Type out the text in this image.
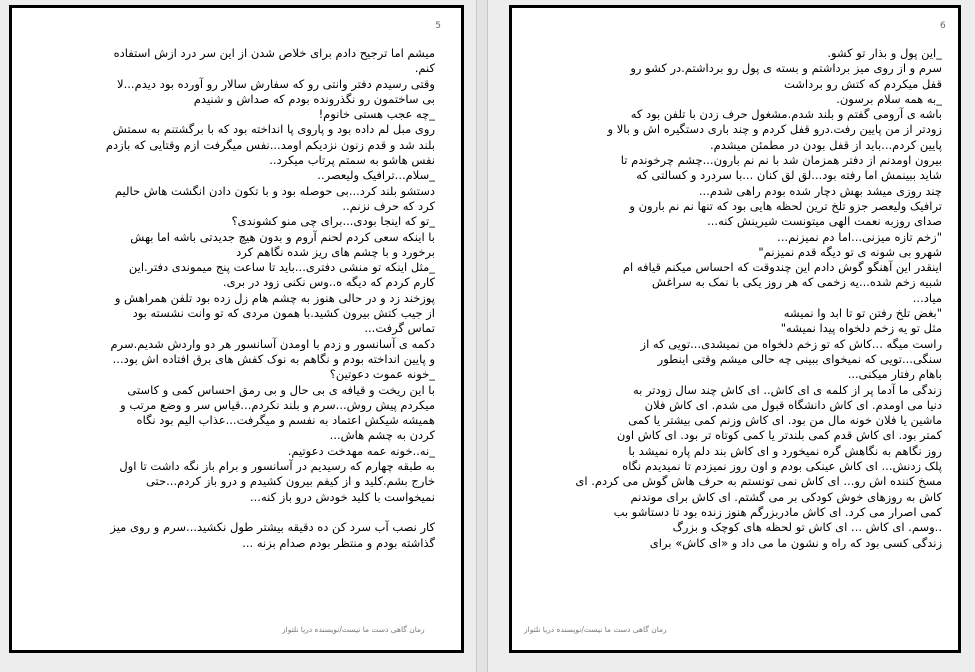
5
میشم اما ترجیح دادم برای خلاص شدن از این سر درد ازش استفاده
کنم.
وقتی رسیدم دفتر وانتی رو که سفارش سالار رو آورده بود دیدم...لا
بی ساختمون رو نگذرونده بودم که صداش و شنیدم
_چه عجب هستی خانوم!
روی مبل لم داده بود و پاروی پا انداخته بود که با برگشتنم به سمتش
بلند شد و قدم زنون نزدیکم اومد...نفس میگرفت ازم وقتایی که بازدم
نفس هاشو به سمتم پرتاب میکرد..
_سلام...ترافیک ولیعصر..
دستشو بلند کرد...بی حوصله بود و با تکون دادن انگشت هاش حالیم
کرد که حرف نزنم..
_تو که اینجا بودی...برای چی منو کشوندی؟
با اینکه سعی کردم لحنم آروم و بدون هیچ جدیدتی باشه اما بهش
برخورد و با چشم های ریز شده نگاهم کرد
_مثل اینکه تو منشی دفتری...باید تا ساعت پنج میموندی دفتر.این
کارم کردم که دیگه ه..وس نکنی زود در بری.
پوزخند زد و در حالی هنوز به چشم هام زل زده بود تلفن همراهش و
از جیب کتش بیرون کشید.با همون مردی که تو وانت نشسته بود
تماس گرفت...
دکمه ی آسانسور و زدم با اومدن آسانسور هر دو واردش شدیم.سرم
و پایین انداخته بودم و نگاهم به نوک کفش های برق افتاده اش بود...
_خونه عموت دعوتین؟
با این ریخت و قیافه ی بی حال و بی رمق احساس کمی و کاستی
میکردم پیش روش...سرم و بلند نکردم...قیاس سر و وضع مرتب و
همیشه شیکش اعتماد به نفسم و میگرفت...عذاب الیم بود نگاه
کردن به چشم هاش...
_نه..خونه عمه مهدخت دعوتیم.
به طبقه چهارم که رسیدیم در آسانسور و برام باز نگه داشت تا اول
خارج بشم.کلید و از کیفم بیرون کشیدم و درو باز کردم...حتی
نمیخواست با کلید خودش درو باز کنه...
کار نصب آب سرد کن ده دقیقه بیشتر طول نکشید...سرم و روی میز
گذاشته بودم و منتظر بودم صدام بزنه ...
رمان گاهی دست ما نیست/نویسنده دریا نلتواز
6
_این پول و بذار تو کشو.
سرم و از روی میز برداشتم و بسته ی پول رو برداشتم.در کشو رو
قفل میکردم که کتش رو برداشت
_به همه سلام برسون.
باشه ی آرومی گفتم و بلند شدم.مشغول حرف زدن با تلفن بود که
زودتر از من پایین رفت.درو قفل کردم و چند باری دستگیره اش و بالا و
پایین کردم...باید از قفل بودن در مطمئن میشدم.
بیرون اومدنم از دفتر همزمان شد با نم نم بارون...چشم چرخوندم تا
شاید ببینمش اما رفته بود...لق لق کنان ...با سردرد و کسالتی که
چند روزی میشد بهش دچار شده بودم راهی شدم...
ترافیک ولیعصر جزو تلخ ترین لحظه هایی بود که تنها نم نم بارون و
صدای روزبه نعمت الهی میتونست شیرینش کنه...
"زخم تازه میزنی...اما دم نمیزنم...
شهرو بی شونه ی تو دیگه قدم نمیزنم"
اینقدر این آهنگو گوش دادم این چندوقت که احساس میکنم قیافه ام
شبیه زخم شده...یه زخمی که هر روز یکی با نمک به سراغش
میاد...
"بغض تلخ رفتن تو تا ابد وا نمیشه
مثل تو یه زخم دلخواه پیدا نمیشه"
راست میگه ...کاش که تو زخم دلخواه من نمیشدی...تویی که از
سنگی...تویی که نمیخوای ببینی چه حالی میشم وقتی اینطور
باهام رفتار میکنی...
زندگی ما آدما پر از کلمه ی ای کاش.. ای کاش چند سال زودتر به
دنیا می اومدم. ای کاش دانشگاه قبول می شدم. ای کاش فلان
ماشین یا فلان خونه مال من بود. ای کاش وزنم کمی بیشتر یا کمی
کمتر بود. ای کاش قدم کمی بلندتر یا کمی کوتاه تر بود. ای کاش اون
روز نگاهم به نگاهش گره نمیخورد و ای کاش بند دلم پاره نمیشد با
پلک زدنش... ای کاش عینکی بودم و اون روز نمیزدم تا نمیدیدم نگاه
مسخ کننده اش رو... ای کاش نمی تونستم به حرف هاش گوش می کردم. ای
کاش به روزهای خوش کودکی بر می گشتم. ای کاش برای موندنم
کمی اصرار می کرد. ای کاش مادربزرگم هنوز زنده بود تا دستاشو بب
..وسم. ای کاش ... ای کاش تو لحظه های کوچک و بزرگ
زندگی کسی بود که راه و نشون ما می داد و «ای کاش» برای
رمان گاهی دست ما نیست/نویسنده دریا نلتواز
